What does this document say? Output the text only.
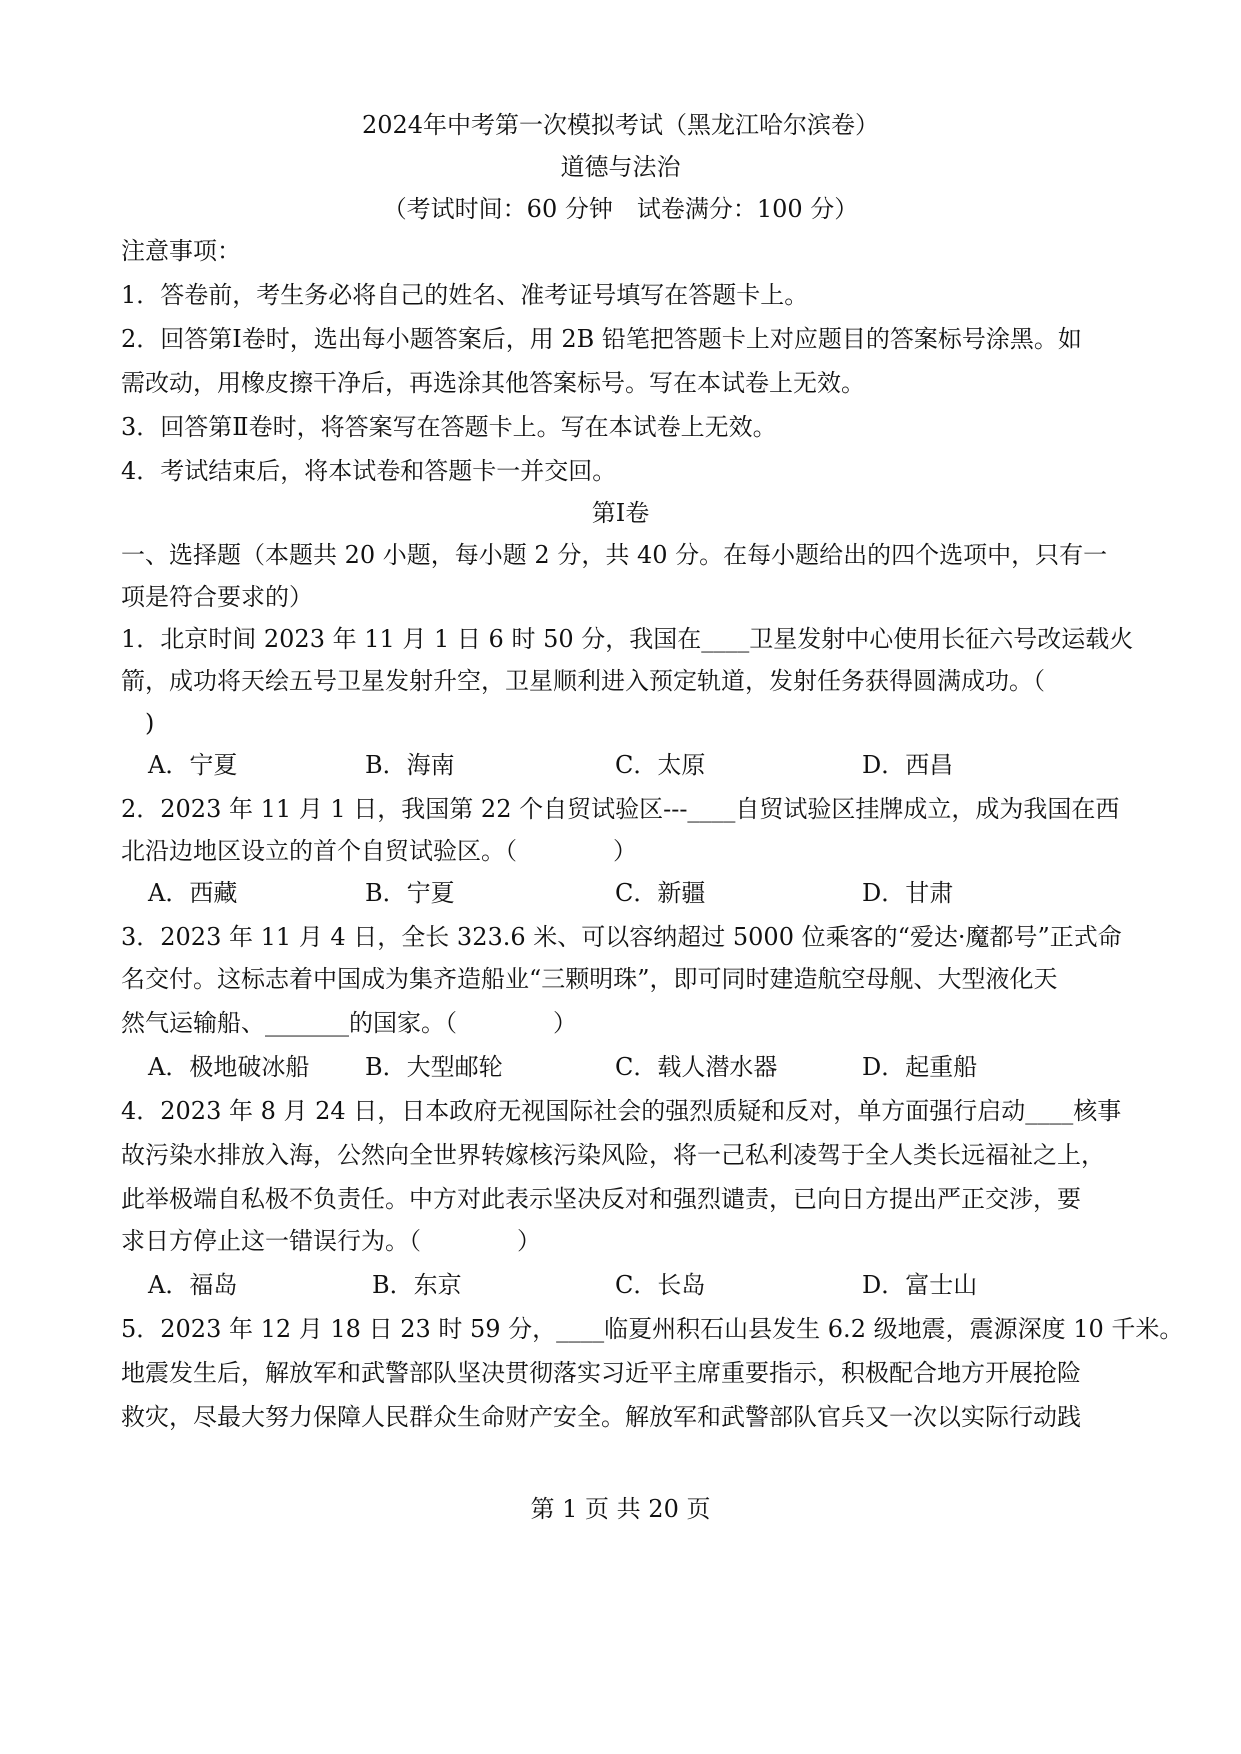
2024年中考第一次模拟考试（黑龙江哈尔滨卷）
道德与法治
（考试时间：60 分钟　试卷满分：100 分）
注意事项：
1．答卷前，考生务必将自己的姓名、准考证号填写在答题卡上。
2．回答第Ⅰ卷时，选出每小题答案后，用 2B 铅笔把答题卡上对应题目的答案标号涂黑。如
需改动，用橡皮擦干净后，再选涂其他答案标号。写在本试卷上无效。
3．回答第Ⅱ卷时，将答案写在答题卡上。写在本试卷上无效。
4．考试结束后，将本试卷和答题卡一并交回。
第Ⅰ卷
一、选择题（本题共 20 小题，每小题 2 分，共 40 分。在每小题给出的四个选项中，只有一
项是符合要求的）
1．北京时间 2023 年 11 月 1 日 6 时 50 分，我国在____卫星发射中心使用长征六号改运载火
箭，成功将天绘五号卫星发射升空，卫星顺利进入预定轨道，发射任务获得圆满成功。（
　)
A．宁夏	B．海南	C．太原	D．西昌
2．2023 年 11 月 1 日，我国第 22 个自贸试验区---____自贸试验区挂牌成立，成为我国在西
北沿边地区设立的首个自贸试验区。（　　　　）
A．西藏	B．宁夏	C．新疆	D．甘肃
3．2023 年 11 月 4 日，全长 323.6 米、可以容纳超过 5000 位乘客的“爱达·魔都号”正式命
名交付。这标志着中国成为集齐造船业“三颗明珠”，即可同时建造航空母舰、大型液化天
然气运输船、_______的国家。（　　　　）
A．极地破冰船 B．大型邮轮	C．载人潜水器	D．起重船
4．2023 年 8 月 24 日，日本政府无视国际社会的强烈质疑和反对，单方面强行启动____核事
故污染水排放入海，公然向全世界转嫁核污染风险，将一己私利凌驾于全人类长远福祉之上，
此举极端自私极不负责任。中方对此表示坚决反对和强烈谴责，已向日方提出严正交涉，要
求日方停止这一错误行为。（　　　　）
A．福岛	B．东京	C．长岛	D．富士山
5．2023 年 12 月 18 日 23 时 59 分，____临夏州积石山县发生 6.2 级地震，震源深度 10 千米。
地震发生后，解放军和武警部队坚决贯彻落实习近平主席重要指示，积极配合地方开展抢险
救灾，尽最大努力保障人民群众生命财产安全。解放军和武警部队官兵又一次以实际行动践
第 1 页 共 20 页
